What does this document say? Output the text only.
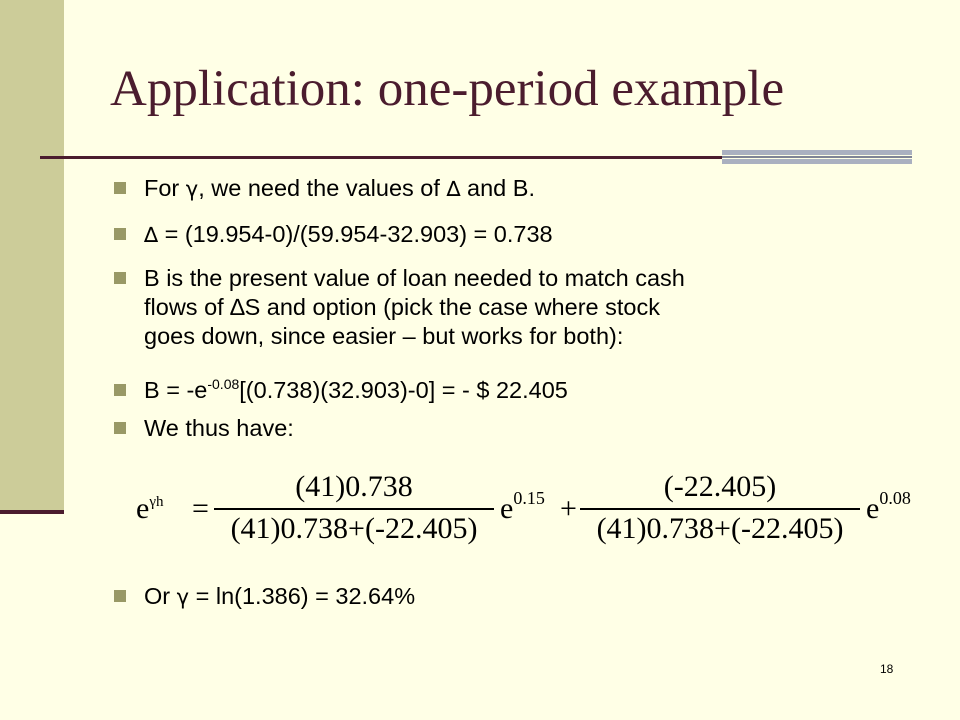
Application: one-period example
For γ, we need the values of ∆ and B.
∆ = (19.954-0)/(59.954-32.903) = 0.738
B is the present value of loan needed to match cash
flows of ∆S and option (pick the case where stock
goes down, since easier – but works for both):
$B = -e^{-0.08}[(0.738)(32.903)-0]$ = - $ 22.405
We thus have:
$e^{\gamma h}$ =
(41)0.738
(41)0.738+(-22.405)
$e^{0.15}$ +
(-22.405)
(41)0.738+(-22.405)
$e^{0.08}$
Or γ = ln(1.386) = 32.64%
18
